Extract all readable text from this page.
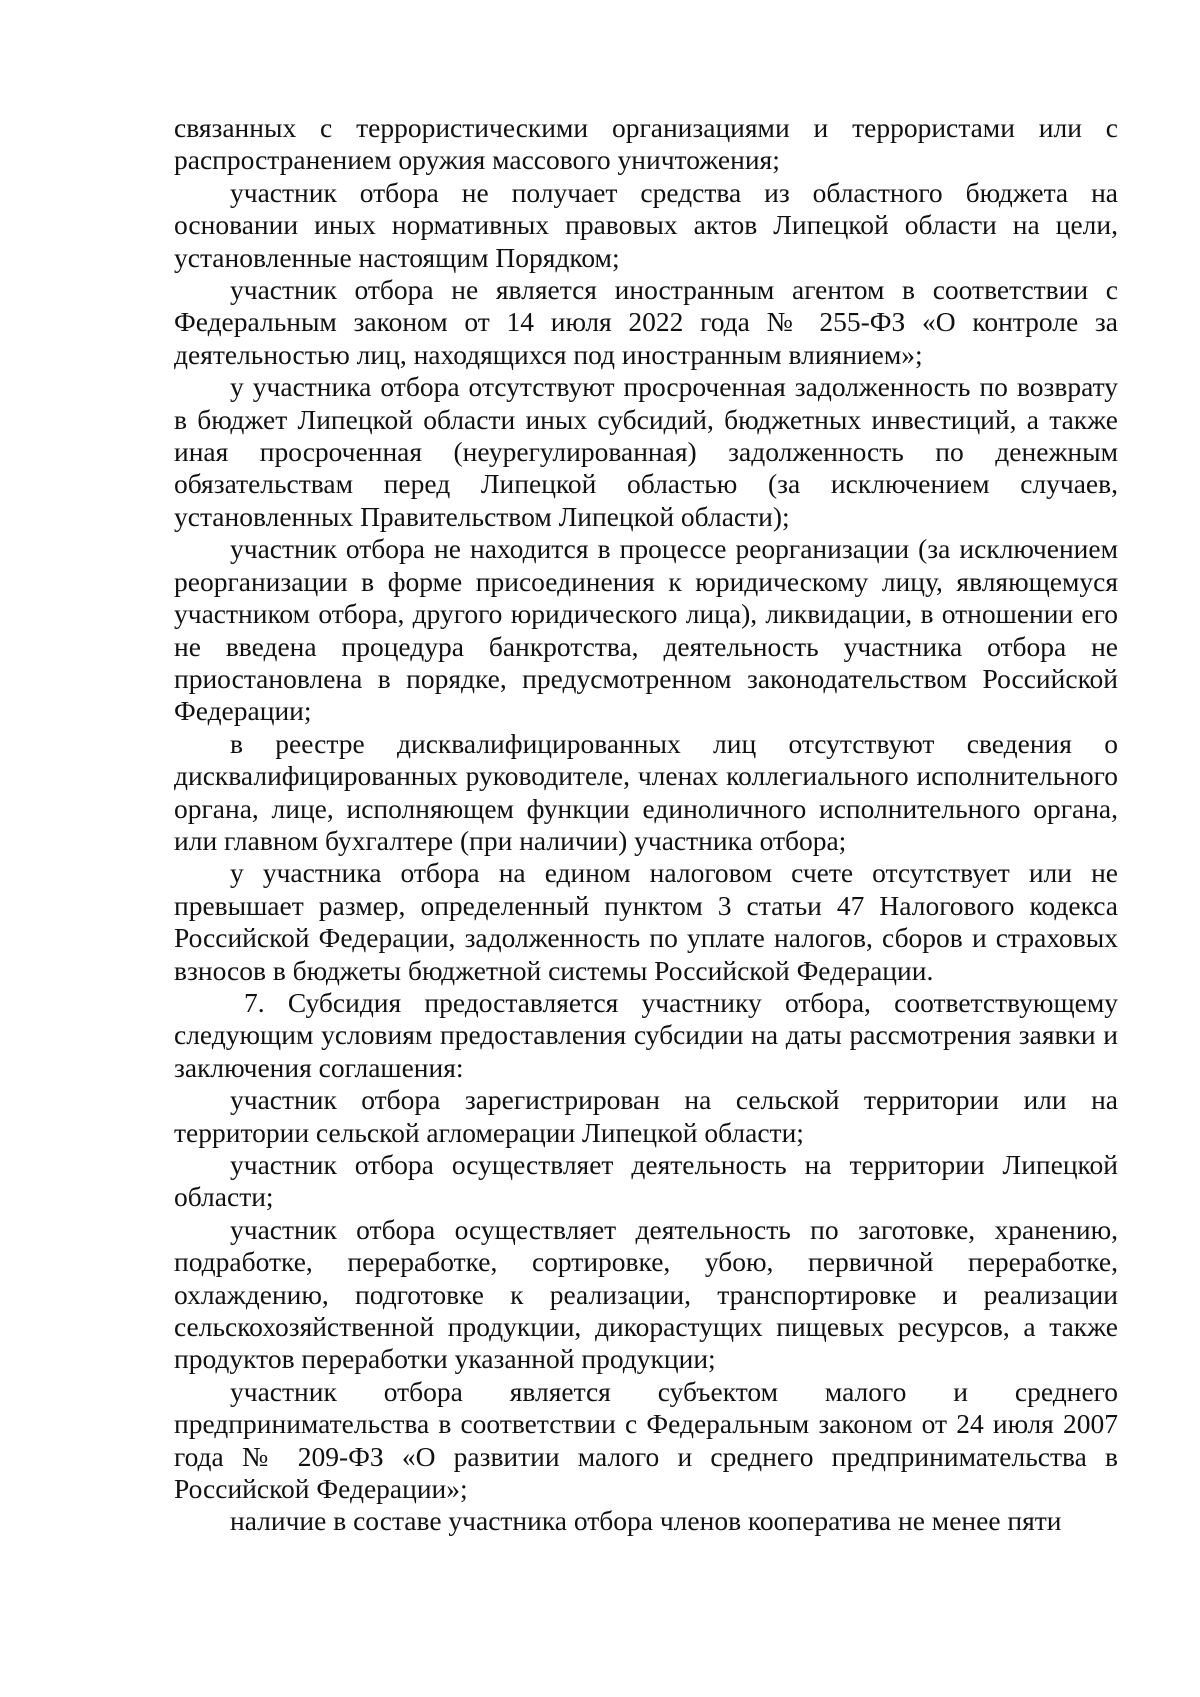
связанных с террористическими организациями и террористами или с распространением оружия массового уничтожения;

участник отбора не получает средства из областного бюджета на основании иных нормативных правовых актов Липецкой области на цели, установленные настоящим Порядком;

участник отбора не является иностранным агентом в соответствии с Федеральным законом от 14 июля 2022 года № 255-ФЗ «О контроле за деятельностью лиц, находящихся под иностранным влиянием»;

у участника отбора отсутствуют просроченная задолженность по возврату в бюджет Липецкой области иных субсидий, бюджетных инвестиций, а также иная просроченная (неурегулированная) задолженность по денежным обязательствам перед Липецкой областью (за исключением случаев, установленных Правительством Липецкой области);

участник отбора не находится в процессе реорганизации (за исключением реорганизации в форме присоединения к юридическому лицу, являющемуся участником отбора, другого юридического лица), ликвидации, в отношении его не введена процедура банкротства, деятельность участника отбора не приостановлена в порядке, предусмотренном законодательством Российской Федерации;

в реестре дисквалифицированных лиц отсутствуют сведения о дисквалифицированных руководителе, членах коллегиального исполнительного органа, лице, исполняющем функции единоличного исполнительного органа, или главном бухгалтере (при наличии) участника отбора;

у участника отбора на едином налоговом счете отсутствует или не превышает размер, определенный пунктом 3 статьи 47 Налогового кодекса Российской Федерации, задолженность по уплате налогов, сборов и страховых взносов в бюджеты бюджетной системы Российской Федерации.

7. Субсидия предоставляется участнику отбора, соответствующему следующим условиям предоставления субсидии на даты рассмотрения заявки и заключения соглашения:

участник отбора зарегистрирован на сельской территории или на территории сельской агломерации Липецкой области;

участник отбора осуществляет деятельность на территории Липецкой области;

участник отбора осуществляет деятельность по заготовке, хранению, подработке, переработке, сортировке, убою, первичной переработке, охлаждению, подготовке к реализации, транспортировке и реализации сельскохозяйственной продукции, дикорастущих пищевых ресурсов, а также продуктов переработки указанной продукции;

участник отбора является субъектом малого и среднего предпринимательства в соответствии с Федеральным законом от 24 июля 2007 года № 209-ФЗ «О развитии малого и среднего предпринимательства в Российской Федерации»;

наличие в составе участника отбора членов кооператива не менее пяти
